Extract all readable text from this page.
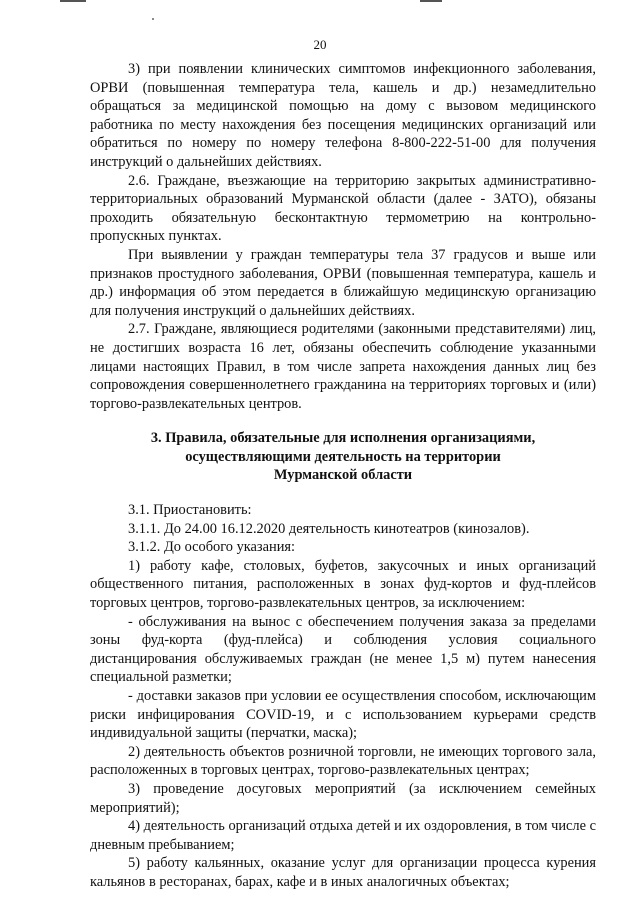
20

3) при появлении клинических симптомов инфекционного заболевания, ОРВИ (повышенная температура тела, кашель и др.) незамедлительно обращаться за медицинской помощью на дому с вызовом медицинского работника по месту нахождения без посещения медицинских организаций или обратиться по номеру по номеру телефона 8-800-222-51-00 для получения инструкций о дальнейших действиях.

2.6. Граждане, въезжающие на территорию закрытых административно-территориальных образований Мурманской области (далее - ЗАТО), обязаны проходить обязательную бесконтактную термометрию на контрольно-пропускных пунктах.

При выявлении у граждан температуры тела 37 градусов и выше или признаков простудного заболевания, ОРВИ (повышенная температура, кашель и др.) информация об этом передается в ближайшую медицинскую организацию для получения инструкций о дальнейших действиях.

2.7. Граждане, являющиеся родителями (законными представителями) лиц, не достигших возраста 16 лет, обязаны обеспечить соблюдение указанными лицами настоящих Правил, в том числе запрета нахождения данных лиц без сопровождения совершеннолетнего гражданина на территориях торговых и (или) торгово-развлекательных центров.

3. Правила, обязательные для исполнения организациями,
осуществляющими деятельность на территории
Мурманской области

3.1. Приостановить:

3.1.1. До 24.00 16.12.2020 деятельность кинотеатров (кинозалов).

3.1.2. До особого указания:

1) работу кафе, столовых, буфетов, закусочных и иных организаций общественного питания, расположенных в зонах фуд-кортов и фуд-плейсов торговых центров, торгово-развлекательных центров, за исключением:

- обслуживания на вынос с обеспечением получения заказа за пределами зоны фуд-корта (фуд-плейса) и соблюдения условия социального дистанцирования обслуживаемых граждан (не менее 1,5 м) путем нанесения специальной разметки;

- доставки заказов при условии ее осуществления способом, исключающим риски инфицирования COVID-19, и с использованием курьерами средств индивидуальной защиты (перчатки, маска);

2) деятельность объектов розничной торговли, не имеющих торгового зала, расположенных в торговых центрах, торгово-развлекательных центрах;

3) проведение досуговых мероприятий (за исключением семейных мероприятий);

4) деятельность организаций отдыха детей и их оздоровления, в том числе с дневным пребыванием;

5) работу кальянных, оказание услуг для организации процесса курения кальянов в ресторанах, барах, кафе и в иных аналогичных объектах;
